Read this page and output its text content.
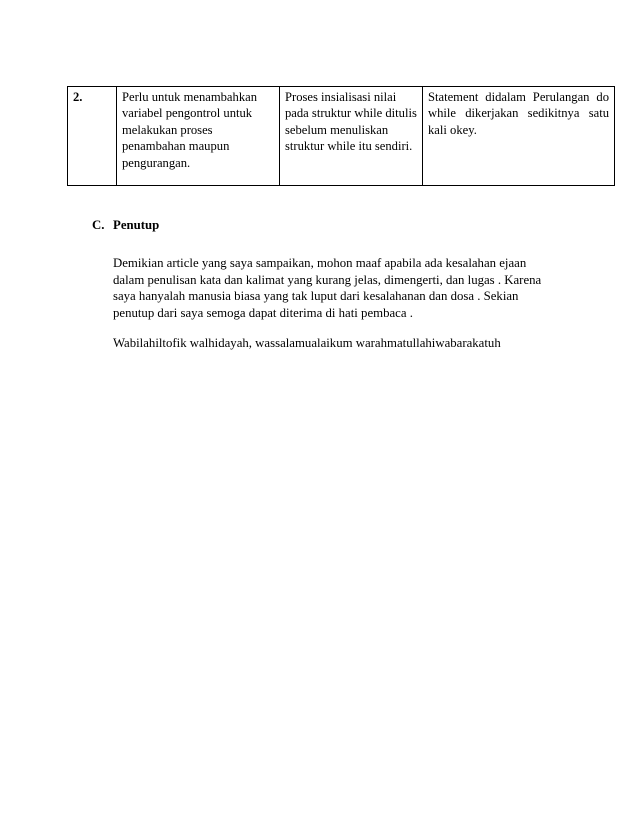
2.	Perlu untuk menambahkan variabel pengontrol untuk melakukan proses penambahan maupun pengurangan.	Proses insialisasi nilai pada struktur while ditulis sebelum menuliskan struktur while itu sendiri.	Statement didalam Perulangan do while dikerjakan sedikitnya satu kali okey.

C. Penutup

Demikian article yang saya sampaikan, mohon maaf apabila ada kesalahan ejaan dalam penulisan kata dan kalimat yang kurang jelas, dimengerti, dan lugas . Karena saya hanyalah manusia biasa yang tak luput dari kesalahanan dan dosa . Sekian penutup dari saya semoga dapat diterima di hati pembaca .

Wabilahiltofik walhidayah, wassalamualaikum warahmatullahiwabarakatuh
